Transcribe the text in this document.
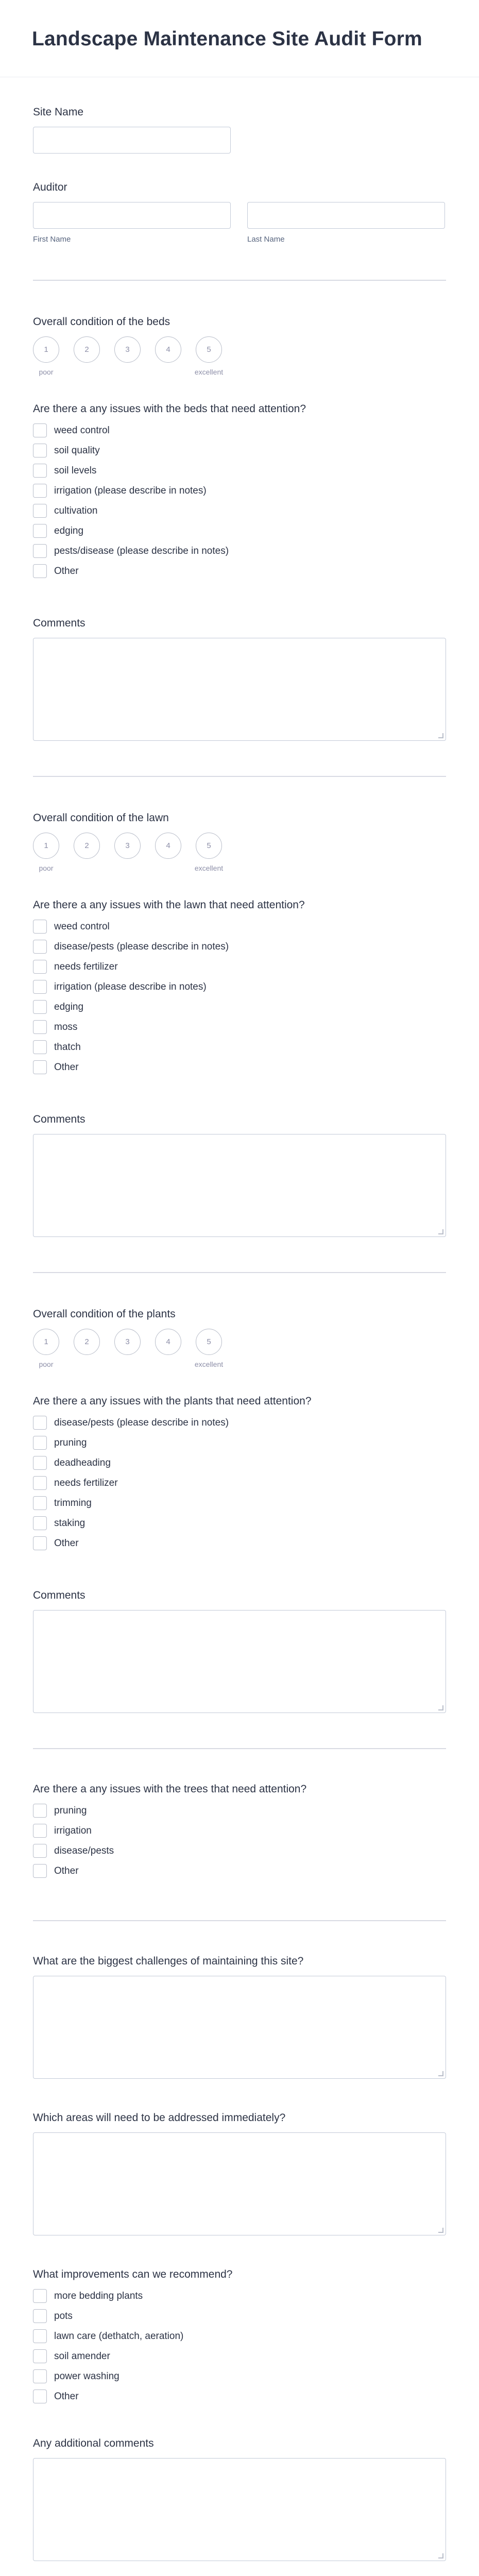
Landscape Maintenance Site Audit Form
Site Name
Auditor
First Name	Last Name
Overall condition of the beds
1
poor
2	3	4	5
excellent
Are there a any issues with the beds that need attention?
weed control
soil quality
soil levels
irrigation (please describe in notes)
cultivation
edging
pests/disease (please describe in notes)
Other
Comments
Overall condition of the lawn
1
poor
2	3	4	5
excellent
Are there a any issues with the lawn that need attention?
weed control
disease/pests (please describe in notes)
needs fertilizer
irrigation (please describe in notes)
edging
moss
thatch
Other
Comments
Overall condition of the plants
1
poor
2	3	4	5
excellent
Are there a any issues with the plants that need attention?
disease/pests (please describe in notes)
pruning
deadheading
needs fertilizer
trimming
staking
Other
Comments
Are there a any issues with the trees that need attention?
pruning
irrigation
disease/pests
Other
What are the biggest challenges of maintaining this site?
Which areas will need to be addressed immediately?
What improvements can we recommend?
more bedding plants
pots
lawn care (dethatch, aeration)
soil amender
power washing
Other
Any additional comments
